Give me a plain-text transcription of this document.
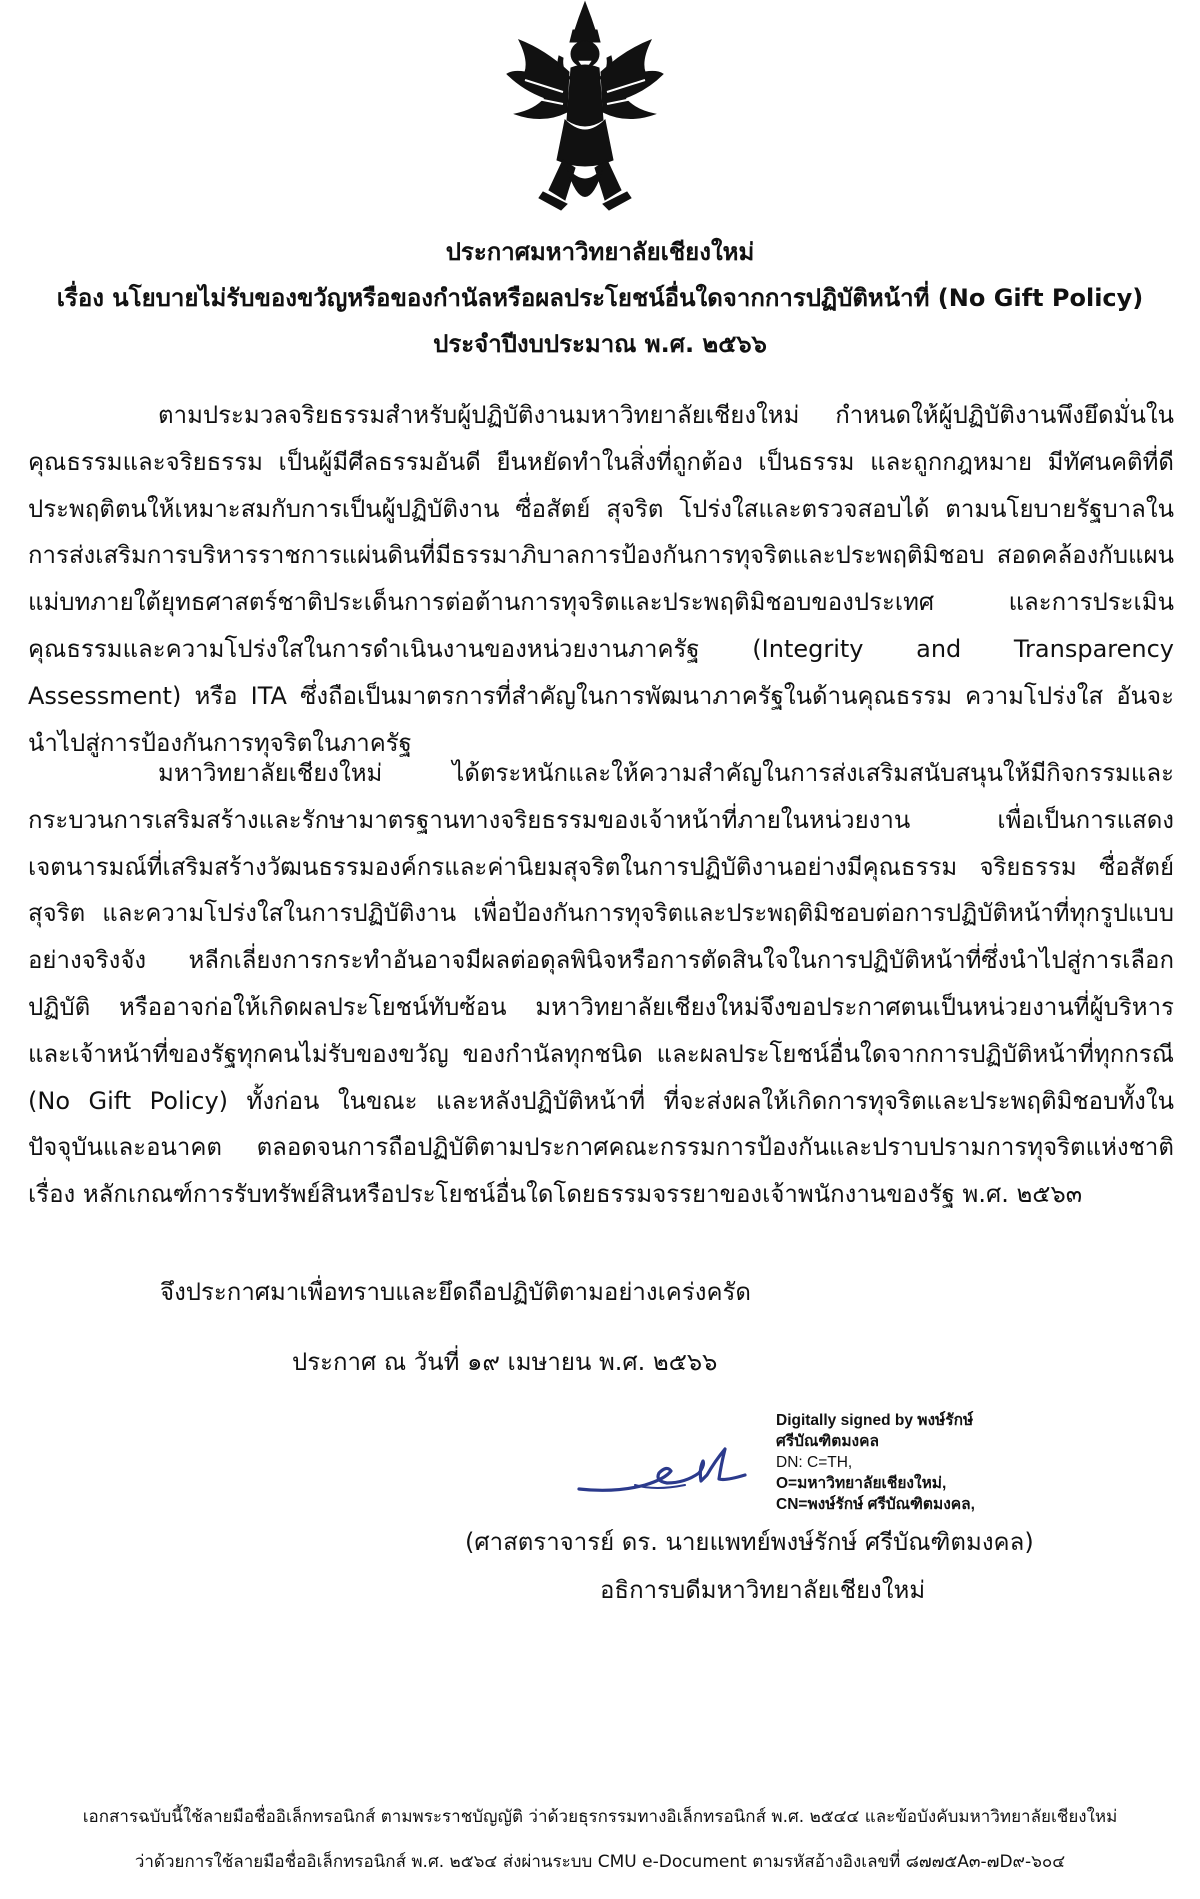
ประกาศมหาวิทยาลัยเชียงใหม่
เรื่อง นโยบายไม่รับของขวัญหรือของกำนัลหรือผลประโยชน์อื่นใดจากการปฏิบัติหน้าที่ (No Gift Policy)
ประจำปีงบประมาณ พ.ศ. ๒๕๖๖

ตามประมวลจริยธรรมสำหรับผู้ปฏิบัติงานมหาวิทยาลัยเชียงใหม่ กำหนดให้ผู้ปฏิบัติงานพึงยึดมั่นในคุณธรรมและจริยธรรม เป็นผู้มีศีลธรรมอันดี ยืนหยัดทำในสิ่งที่ถูกต้อง เป็นธรรม และถูกกฎหมาย มีทัศนคติที่ดี ประพฤติตนให้เหมาะสมกับการเป็นผู้ปฏิบัติงาน ซื่อสัตย์ สุจริต โปร่งใสและตรวจสอบได้ ตามนโยบายรัฐบาลในการส่งเสริมการบริหารราชการแผ่นดินที่มีธรรมาภิบาลการป้องกันการทุจริตและประพฤติมิชอบ สอดคล้องกับแผนแม่บทภายใต้ยุทธศาสตร์ชาติประเด็นการต่อต้านการทุจริตและประพฤติมิชอบของประเทศ และการประเมินคุณธรรมและความโปร่งใสในการดำเนินงานของหน่วยงานภาครัฐ (Integrity and Transparency Assessment) หรือ ITA ซึ่งถือเป็นมาตรการที่สำคัญในการพัฒนาภาครัฐในด้านคุณธรรม ความโปร่งใส อันจะนำไปสู่การป้องกันการทุจริตในภาครัฐ

มหาวิทยาลัยเชียงใหม่ ได้ตระหนักและให้ความสำคัญในการส่งเสริมสนับสนุนให้มีกิจกรรมและกระบวนการเสริมสร้างและรักษามาตรฐานทางจริยธรรมของเจ้าหน้าที่ภายในหน่วยงาน เพื่อเป็นการแสดงเจตนารมณ์ที่เสริมสร้างวัฒนธรรมองค์กรและค่านิยมสุจริตในการปฏิบัติงานอย่างมีคุณธรรม จริยธรรม ซื่อสัตย์ สุจริต และความโปร่งใสในการปฏิบัติงาน เพื่อป้องกันการทุจริตและประพฤติมิชอบต่อการปฏิบัติหน้าที่ทุกรูปแบบอย่างจริงจัง หลีกเลี่ยงการกระทำอันอาจมีผลต่อดุลพินิจหรือการตัดสินใจในการปฏิบัติหน้าที่ซึ่งนำไปสู่การเลือกปฏิบัติ หรืออาจก่อให้เกิดผลประโยชน์ทับซ้อน มหาวิทยาลัยเชียงใหม่จึงขอประกาศตนเป็นหน่วยงานที่ผู้บริหาร และเจ้าหน้าที่ของรัฐทุกคนไม่รับของขวัญ ของกำนัลทุกชนิด และผลประโยชน์อื่นใดจากการปฏิบัติหน้าที่ทุกกรณี (No Gift Policy) ทั้งก่อน ในขณะ และหลังปฏิบัติหน้าที่ ที่จะส่งผลให้เกิดการทุจริตและประพฤติมิชอบทั้งในปัจจุบันและอนาคต ตลอดจนการถือปฏิบัติตามประกาศคณะกรรมการป้องกันและปราบปรามการทุจริตแห่งชาติ เรื่อง หลักเกณฑ์การรับทรัพย์สินหรือประโยชน์อื่นใดโดยธรรมจรรยาของเจ้าพนักงานของรัฐ พ.ศ. ๒๕๖๓

จึงประกาศมาเพื่อทราบและยึดถือปฏิบัติตามอย่างเคร่งครัด
ประกาศ ณ วันที่ ๑๙ เมษายน พ.ศ. ๒๕๖๖
Digitally signed by พงษ์รักษ์
ศรีบัณฑิตมงคล
DN: C=TH,
O=มหาวิทยาลัยเชียงใหม่,
CN=พงษ์รักษ์ ศรีบัณฑิตมงคล,
(ศาสตราจารย์ ดร. นายแพทย์พงษ์รักษ์ ศรีบัณฑิตมงคล)
อธิการบดีมหาวิทยาลัยเชียงใหม่
เอกสารฉบับนี้ใช้ลายมือชื่ออิเล็กทรอนิกส์ ตามพระราชบัญญัติ ว่าด้วยธุรกรรมทางอิเล็กทรอนิกส์ พ.ศ. ๒๕๔๔ และข้อบังคับมหาวิทยาลัยเชียงใหม่
ว่าด้วยการใช้ลายมือชื่ออิเล็กทรอนิกส์ พ.ศ. ๒๕๖๔ ส่งผ่านระบบ CMU e-Document ตามรหัสอ้างอิงเลขที่ ๘๗๗๕A๓-๗D๙-๖๐๔
